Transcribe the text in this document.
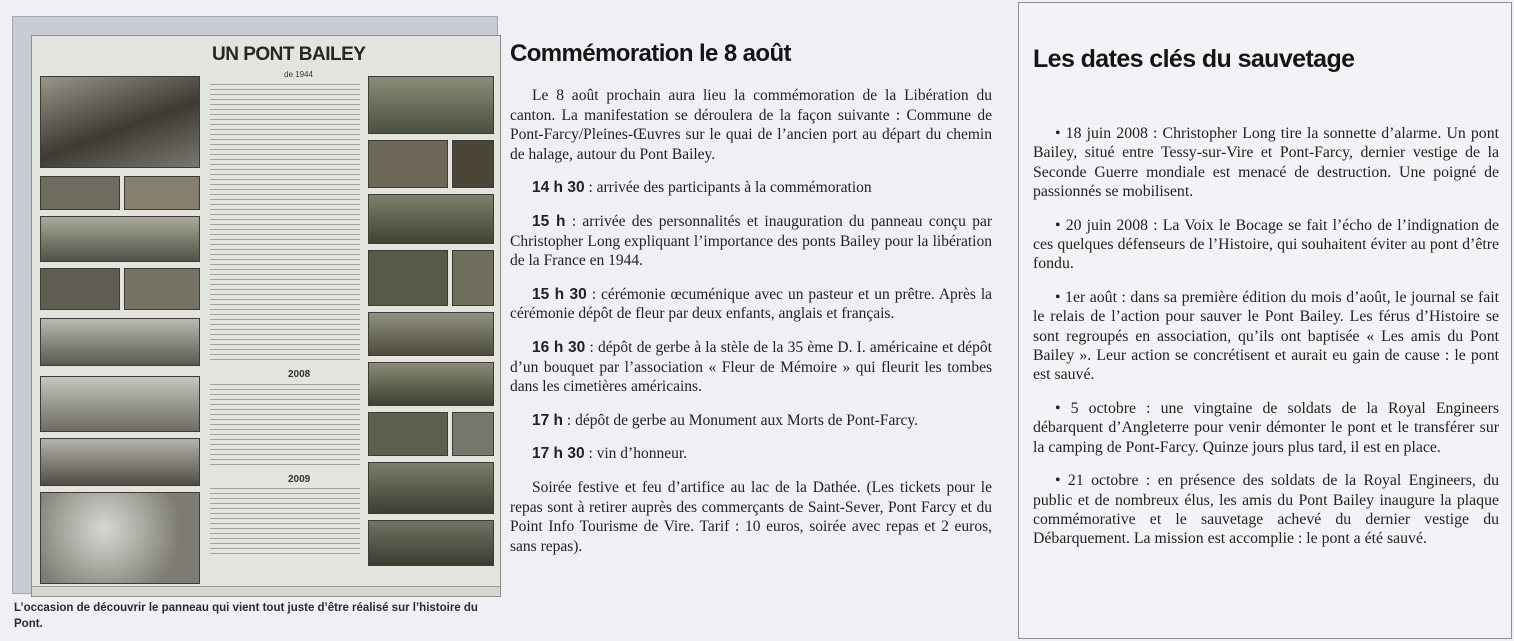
UN PONT BAILEY
de 1944
2008
2009
L’occasion de découvrir le panneau qui vient tout juste d’être réalisé sur l’histoire du Pont.
Commémoration le 8 août

Le 8 août prochain aura lieu la commémoration de la Libération du canton. La manifestation se déroulera de la façon suivante : Commune de Pont-Farcy/Pleines-Œuvres sur le quai de l’ancien port au départ du chemin de halage, autour du Pont Bailey.

14 h 30 : arrivée des participants à la commémoration

15 h : arrivée des personnalités et inauguration du panneau conçu par Christopher Long expliquant l’importance des ponts Bailey pour la libération de la France en 1944.

15 h 30 : cérémonie œcuménique avec un pasteur et un prêtre. Après la cérémonie dépôt de fleur par deux enfants, anglais et français.

16 h 30 : dépôt de gerbe à la stèle de la 35 ème D. I. américaine et dépôt d’un bouquet par l’association « Fleur de Mémoire » qui fleurit les tombes dans les cimetières américains.

17 h : dépôt de gerbe au Monument aux Morts de Pont-Farcy.

17 h 30 : vin d’honneur.

Soirée festive et feu d’artifice au lac de la Dathée. (Les tickets pour le repas sont à retirer auprès des commerçants de Saint-Sever, Pont Farcy et du Point Info Tourisme de Vire. Tarif : 10 euros, soirée avec repas et 2 euros, sans repas).

Les dates clés du sauvetage

• 18 juin 2008 : Christopher Long tire la sonnette d’alarme. Un pont Bailey, situé entre Tessy-sur-Vire et Pont-Farcy, dernier vestige de la Seconde Guerre mondiale est menacé de destruction. Une poigné de passionnés se mobilisent.

• 20 juin 2008 : La Voix le Bocage se fait l’écho de l’indignation de ces quelques défenseurs de l’Histoire, qui souhaitent éviter au pont d’être fondu.

• 1er août : dans sa première édition du mois d’août, le journal se fait le relais de l’action pour sauver le Pont Bailey. Les férus d’Histoire se sont regroupés en association, qu’ils ont baptisée « Les amis du Pont Bailey ». Leur action se concrétisent et aurait eu gain de cause : le pont est sauvé.

• 5 octobre : une vingtaine de soldats de la Royal Engineers débarquent d’Angleterre pour venir démonter le pont et le transférer sur la camping de Pont-Farcy. Quinze jours plus tard, il est en place.

• 21 octobre : en présence des soldats de la Royal Engineers, du public et de nombreux élus, les amis du Pont Bailey inaugure la plaque commémorative et le sauvetage achevé du dernier vestige du Débarquement. La mission est accomplie : le pont a été sauvé.
